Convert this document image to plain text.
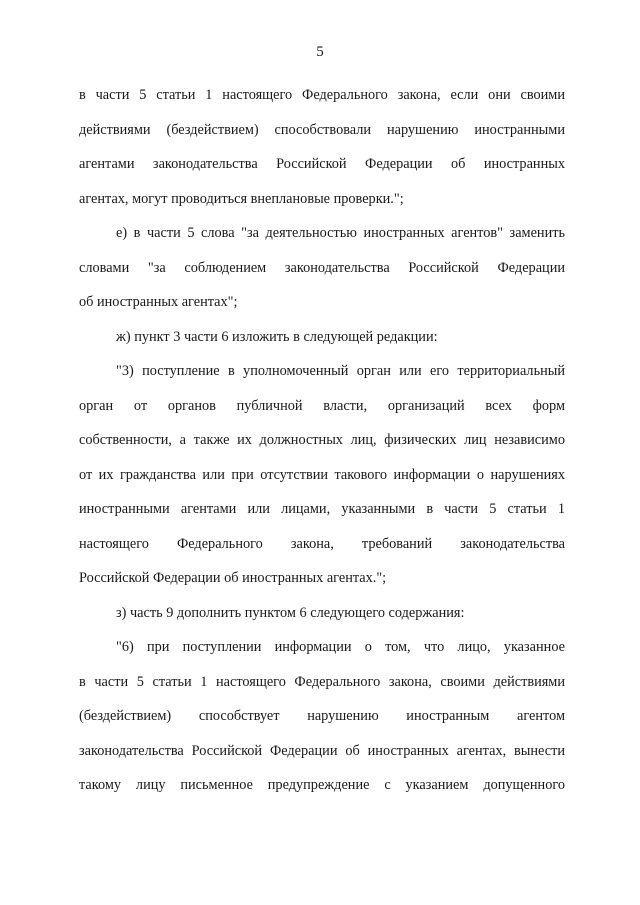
5
в части 5 статьи 1 настоящего Федерального закона, если они своими
действиями (бездействием) способствовали нарушению иностранными
агентами законодательства Российской Федерации об иностранных
агентах, могут проводиться внеплановые проверки.";
е) в части 5 слова "за деятельностью иностранных агентов" заменить
словами "за соблюдением законодательства Российской Федерации
об иностранных агентах";
ж) пункт 3 части 6 изложить в следующей редакции:
"3) поступление в уполномоченный орган или его территориальный
орган от органов публичной власти, организаций всех форм
собственности, а также их должностных лиц, физических лиц независимо
от их гражданства или при отсутствии такового информации о нарушениях
иностранными агентами или лицами, указанными в части 5 статьи 1
настоящего Федерального закона, требований законодательства
Российской Федерации об иностранных агентах.";
з) часть 9 дополнить пунктом 6 следующего содержания:
"6) при поступлении информации о том, что лицо, указанное
в части 5 статьи 1 настоящего Федерального закона, своими действиями
(бездействием) способствует нарушению иностранным агентом
законодательства Российской Федерации об иностранных агентах, вынести
такому лицу письменное предупреждение с указанием допущенного
